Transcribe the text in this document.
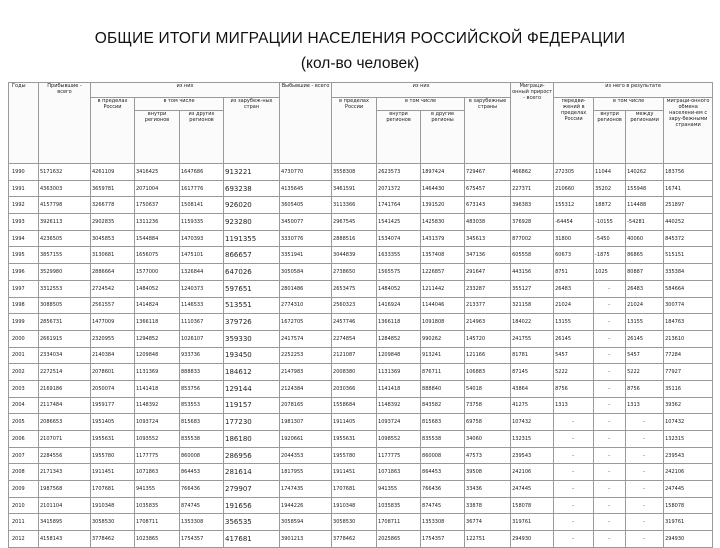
ОБЩИЕ ИТОГИ МИГРАЦИИ НАСЕЛЕНИЯ РОССИЙСКОЙ ФЕДЕРАЦИИ
(кол-во человек)
Годы	Прибывшие - всего	из них				Выбывшие - всего	из них				Миграци-онный прирост - всего	из него в результате			
		в пределах России	в том числе		из зарубеж-ных стран		в пределах России	в том числе		в зарубежные страны		передви-жений в пределах России	в том числе		миграци-онного обмена населени-ем с зару-бежными странами
			внутри регионов	из других регионов				внутри регионов	в другие регионы				внутри регионов	между регионами	
1990	5171632	4261109	3416425	1647686	913221	4730770	3558308	2623573	1897424	729467	466862	272305	11044	140262	183756
1991	4363003	3659781	2071004	1617776	693238	4135645	3461591	2071372	1464430	675457	227371	210660	35202	155948	16741
1992	4157798	3266778	1750637	1508141	926020	3605405	3113366	1741764	1391520	673143	396383	155312	18872	114488	251897
1993	3926113	2902835	1311236	1159335	923280	3450077	2967545	1541425	1425830	483038	376928	-64454	-10155	-54281	440252
1994	4236505	3045853	1544884	1470393	1191355	3330776	2888516	1534074	1431379	345613	877002	31800	-5450	40060	845372
1995	3857155	3130681	1656075	1475101	866657	3351941	3044839	1633355	1357408	347136	605558	60673	-1875	86865	515151
1996	3529980	2886664	1577000	1326844	647026	3050584	2738650	1565575	1226857	291647	443156	8751	1025	80887	335384
1997	3312553	2724542	1484052	1240373	597651	2801486	2653475	1484052	1211442	233287	355127	26483	-	26483	584664
1998	3088505	2561557	1414824	1146533	513551	2774310	2560323	1416924	1144046	213377	321158	21024	-	21024	300774
1999	2856731	1477009	1366118	1110367	379726	1672705	2457746	1366118	1091808	214963	184022	13155	-	13155	184763
2000	2661915	2320955	1294852	1026107	359330	2417574	2274854	1284852	990262	145720	241755	26145	-	26145	213610
2001	2334034	2140384	1209848	933736	193450	2252253	2121087	1209848	913241	121166	81781	5457	-	5457	77284
2002	2272514	2078601	1131369	888833	184612	2147983	2008380	1131369	876711	106883	87145	5222	-	5222	77927
2003	2169186	2050074	1141418	853756	129144	2124384	2030366	1141418	888840	54018	43864	8756	-	8756	35116
2004	2117484	1959177	1148392	853553	119157	2078165	1558684	1148392	843582	73758	41275	1313	-	1313	39362
2005	2086653	1951405	1093724	815683	177230	1981307	1911405	1093724	815683	69758	107432	-	-	-	107432
2006	2107071	1955631	1093552	835538	186180	1920661	1955631	1098552	835538	34060	132315	-	-	-	132315
2007	2284556	1955780	1177775	860008	286956	2044353	1955780	1177775	860008	47573	239543	-	-	-	239543
2008	2171343	1911451	1071863	864453	281614	1817955	1911451	1071863	864453	39508	242106	-	-	-	242106
2009	1987568	1707681	941355	766436	279907	1747435	1707681	941355	766436	33436	247445	-	-	-	247445
2010	2101104	1910348	1035835	874745	191656	1944226	1910348	1035835	874745	33878	158078	-	-	-	158078
2011	3415895	3058530	1708711	1353308	356535	3058594	3058530	1708711	1353308	36774	319761	-	-	-	319761
2012	4158143	3778462	1023865	1754357	417681	3901213	3778462	2025865	1754357	122751	294930	-	-	-	294930
